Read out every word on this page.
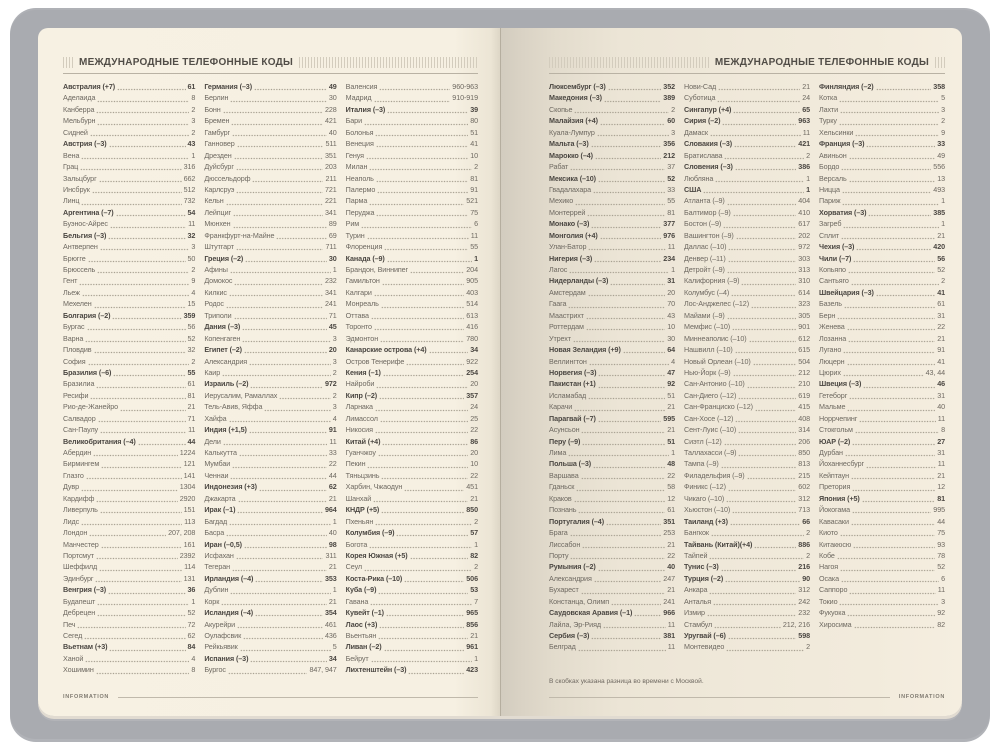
МЕЖДУНАРОДНЫЕ ТЕЛЕФОННЫЕ КОДЫ
Австралия (+7)	61
Аделаида	8
Канберра	2
Мельбурн	3
Сидней	2
Австрия (–3)	43
Вена	1
Грац	316
Зальцбург	662
Инсбрук	512
Линц	732
Аргентина (–7)	54
Буэнос-Айрес	11
Бельгия (–3)	32
Антверпен	3
Брюгге	50
Брюссель	2
Гент	9
Льеж	4
Мехелен	15
Болгария (–2)	359
Бургас	56
Варна	52
Пловдив	32
София	2
Бразилия (–6)	55
Бразилиа	61
Ресифи	81
Рио-де-Жанейро	21
Салвадор	71
Сан-Паулу	11
Великобритания (–4)	44
Абердин	1224
Бирмингем	121
Глазго	141
Дувр	1304
Кардифф	2920
Ливерпуль	151
Лидс	113
Лондон	207, 208
Манчестер	161
Портсмут	2392
Шеффилд	114
Эдинбург	131
Венгрия (–3)	36
Будапешт	1
Дебрецен	52
Печ	72
Сегед	62
Вьетнам (+3)	84
Ханой	4
Хошимин	8
Германия (–3)	49
Берлин	30
Бонн	228
Бремен	421
Гамбург	40
Ганновер	511
Дрезден	351
Дуйсбург	203
Дюссельдорф	211
Карлсруэ	721
Кельн	221
Лейпциг	341
Мюнхен	89
Франкфурт-на-Майне	69
Штутгарт	711
Греция (–2)	30
Афины	1
Домокос	232
Килкис	341
Родос	241
Триполи	71
Дания (–3)	45
Копенгаген	3
Египет (–2)	20
Александрия	3
Каир	2
Израиль (–2)	972
Иерусалим, Рамаллах	2
Тель-Авив, Яффа	3
Хайфа	4
Индия (+1,5)	91
Дели	11
Калькутта	33
Мумбаи	22
Ченнаи	44
Индонезия (+3)	62
Джакарта	21
Ирак (–1)	964
Багдад	1
Басра	40
Иран (–0,5)	98
Исфахан	311
Тегеран	21
Ирландия (–4)	353
Дублин	1
Корк	21
Исландия (–4)	354
Акурейри	461
Оулафсвик	436
Рейкьявик	5
Испания (–3)	34
Бургос	847, 947
Валенсия	960-963
Мадрид	910-919
Италия (–3)	39
Бари	80
Болонья	51
Венеция	41
Генуя	10
Милан	2
Неаполь	81
Палермо	91
Парма	521
Перуджа	75
Рим	6
Турин	11
Флоренция	55
Канада (–9)	1
Брандон, Виннипег	204
Гамильтон	905
Калгари	403
Монреаль	514
Оттава	613
Торонто	416
Эдмонтон	780
Канарские острова (+4)	34
Остров Тенерифе	922
Кения (–1)	254
Найроби	20
Кипр (–2)	357
Ларнака	24
Лимассол	25
Никосия	22
Китай (+4)	86
Гуанчжоу	20
Пекин	10
Тяньцзинь	22
Харбин, Чжаодун	451
Шанхай	21
КНДР (+5)	850
Пхеньян	2
Колумбия (–9)	57
Богота	1
Корея Южная (+5)	82
Сеул	2
Коста-Рика (–10)	506
Куба (–9)	53
Гавана	7
Кувейт (–1)	965
Лаос (+3)	856
Вьентьян	21
Ливан (–2)	961
Бейрут	1
Лихтенштейн (–3)	423
INFORMATION
МЕЖДУНАРОДНЫЕ ТЕЛЕФОННЫЕ КОДЫ
Люксембург (–3)	352
Македония (–3)	389
Скопье	2
Малайзия (+4)	60
Куала-Лумпур	3
Мальта (–3)	356
Марокко (–4)	212
Рабат	37
Мексика (–10)	52
Гвадалахара	33
Мехико	55
Монтеррей	81
Монако (–3)	377
Монголия (+4)	976
Улан-Батор	11
Нигерия (–3)	234
Лагос	1
Нидерланды (–3)	31
Амстердам	20
Гаага	70
Маастрихт	43
Роттердам	10
Утрехт	30
Новая Зеландия (+9)	64
Веллингтон	4
Норвегия (–3)	47
Пакистан (+1)	92
Исламабад	51
Карачи	21
Парагвай (–7)	595
Асунсьон	21
Перу (–9)	51
Лима	1
Польша (–3)	48
Варшава	22
Гданьск	58
Краков	12
Познань	61
Португалия (–4)	351
Брага	253
Лиссабон	21
Порту	22
Румыния (–2)	40
Александрия	247
Бухарест	21
Констанца, Олимп	241
Саудовская Аравия (–1)	966
Лайла, Эр-Рияд	11
Сербия (–3)	381
Белград	11
Нови-Сад	21
Суботица	24
Сингапур (+4)	65
Сирия (–2)	963
Дамаск	11
Словакия (–3)	421
Братислава	2
Словения (–3)	386
Любляна	1
США	1
Атланта (–9)	404
Балтимор (–9)	410
Бостон (–9)	617
Вашингтон (–9)	202
Даллас (–10)	972
Денвер (–11)	303
Детройт (–9)	313
Калифорния (–9)	310
Колумбус (–4)	614
Лос-Анджелес (–12)	323
Майами (–9)	305
Мемфис (–10)	901
Миннеаполис (–10)	612
Нашвилл (–10)	615
Новый Орлеан (–10)	504
Нью-Йорк (–9)	212
Сан-Антонио (–10)	210
Сан-Диего (–12)	619
Сан-Франциско (–12)	415
Сан-Хосе (–12)	408
Сент-Луис (–10)	314
Сиэтл (–12)	206
Таллахасси (–9)	850
Тампа (–9)	813
Филадельфия (–9)	215
Финикс (–12)	602
Чикаго (–10)	312
Хьюстон (–10)	713
Таиланд (+3)	66
Бангкок	2
Тайвань (Китай)(+4)	886
Тайпей	2
Тунис (–3)	216
Турция (–2)	90
Анкара	312
Анталья	242
Измир	232
Стамбул	212, 216
Уругвай (–6)	598
Монтевидео	2
Финляндия (–2)	358
Котка	5
Лахти	3
Турку	2
Хельсинки	9
Франция (–3)	33
Авиньон	49
Бордо	556
Версаль	13
Ницца	493
Париж	1
Хорватия (–3)	385
Загреб	1
Сплит	21
Чехия (–3)	420
Чили (–7)	56
Копьяпо	52
Сантьяго	2
Швейцария (–3)	41
Базель	61
Берн	31
Женева	22
Лозанна	21
Лугано	91
Люцерн	41
Цюрих	43, 44
Швеция (–3)	46
Гетеборг	31
Мальме	40
Норрчепинг	11
Стокгольм	8
ЮАР (–2)	27
Дурбан	31
Йоханнесбург	11
Кейптаун	21
Претория	12
Япония (+5)	81
Йокогама	995
Кавасаки	44
Киото	75
Китакюсю	93
Кобе	78
Нагоя	52
Осака	6
Саппоро	11
Токио	3
Фукуока	92
Хиросима	82
В скобках указана разница во времени с Москвой.
INFORMATION
